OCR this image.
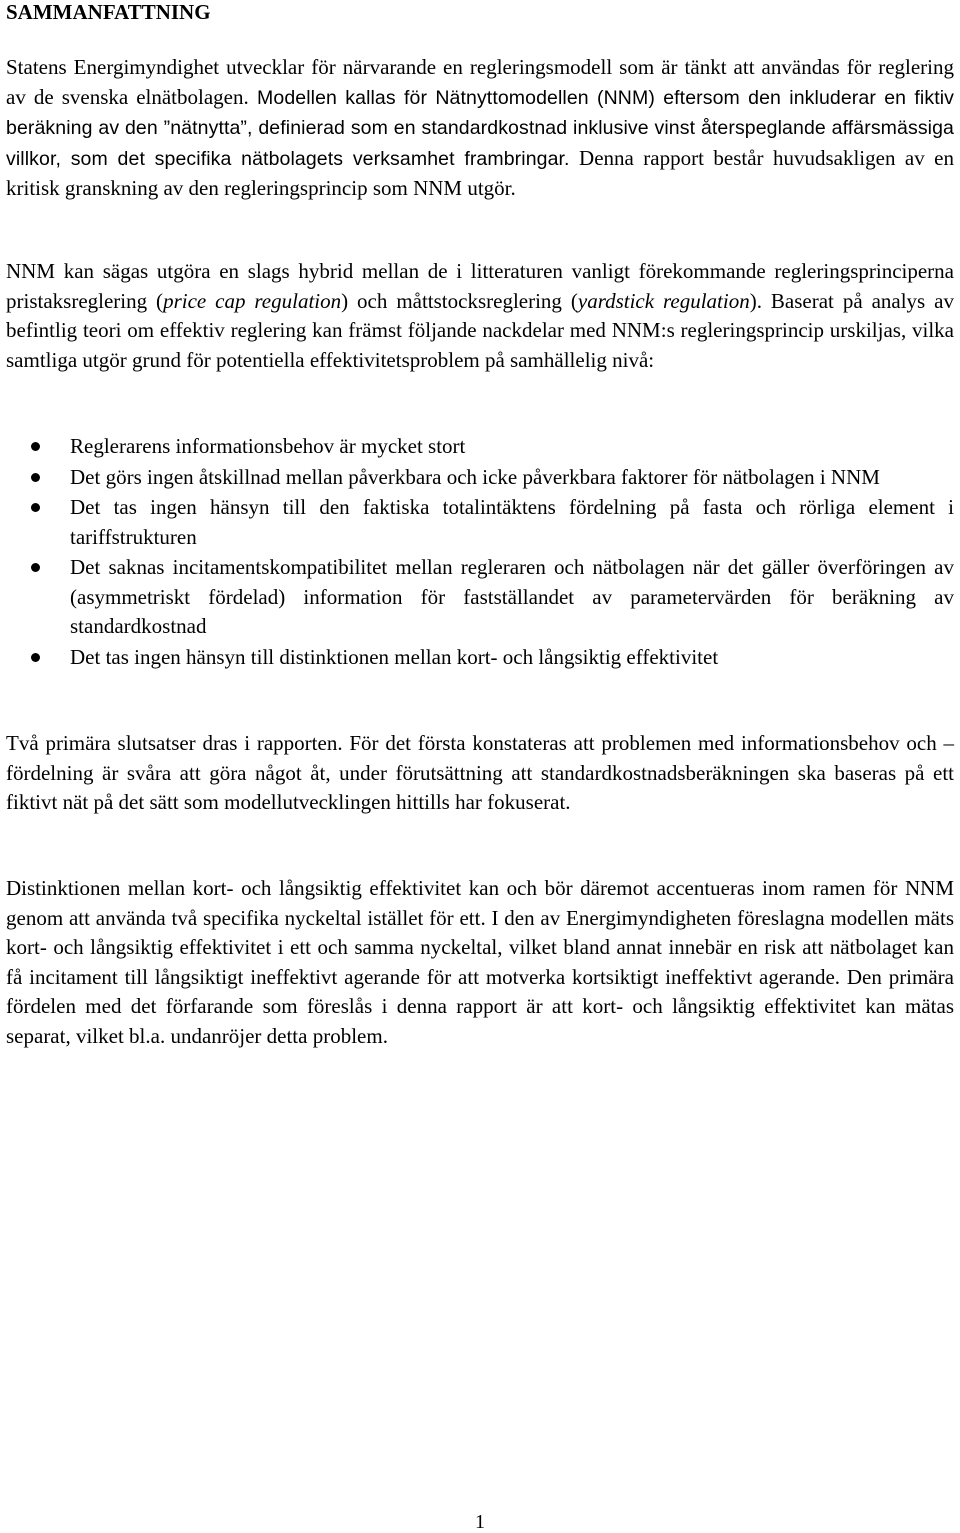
SAMMANFATTNING

Statens Energimyndighet utvecklar för närvarande en regleringsmodell som är tänkt att användas för reglering av de svenska elnätbolagen. Modellen kallas för Nätnyttomodellen (NNM) eftersom den inkluderar en fiktiv beräkning av den ”nätnytta”, definierad som en standardkostnad inklusive vinst återspeglande affärsmässiga villkor, som det specifika nätbolagets verksamhet frambringar. Denna rapport består huvudsakligen av en kritisk granskning av den regleringsprincip som NNM utgör.

NNM kan sägas utgöra en slags hybrid mellan de i litteraturen vanligt förekommande regleringsprinciperna pristaksreglering (price cap regulation) och måttstocksreglering (yardstick regulation). Baserat på analys av befintlig teori om effektiv reglering kan främst följande nackdelar med NNM:s regleringsprincip urskiljas, vilka samtliga utgör grund för potentiella effektivitetsproblem på samhällelig nivå:

Reglerarens informationsbehov är mycket stort
Det görs ingen åtskillnad mellan påverkbara och icke påverkbara faktorer för nätbolagen i NNM
Det tas ingen hänsyn till den faktiska totalintäktens fördelning på fasta och rörliga element i tariffstrukturen
Det saknas incitamentskompatibilitet mellan regleraren och nätbolagen när det gäller överföringen av (asymmetriskt fördelad) information för fastställandet av parametervärden för beräkning av standardkostnad
Det tas ingen hänsyn till distinktionen mellan kort- och långsiktig effektivitet

Två primära slutsatser dras i rapporten. För det första konstateras att problemen med informationsbehov och –fördelning är svåra att göra något åt, under förutsättning att standardkostnadsberäkningen ska baseras på ett fiktivt nät på det sätt som modellutvecklingen hittills har fokuserat.

Distinktionen mellan kort- och långsiktig effektivitet kan och bör däremot accentueras inom ramen för NNM genom att använda två specifika nyckeltal istället för ett. I den av Energimyndigheten föreslagna modellen mäts kort- och långsiktig effektivitet i ett och samma nyckeltal, vilket bland annat innebär en risk att nätbolaget kan få incitament till långsiktigt ineffektivt agerande för att motverka kortsiktigt ineffektivt agerande. Den primära fördelen med det förfarande som föreslås i denna rapport är att kort- och långsiktig effektivitet kan mätas separat, vilket bl.a. undanröjer detta problem.

1
